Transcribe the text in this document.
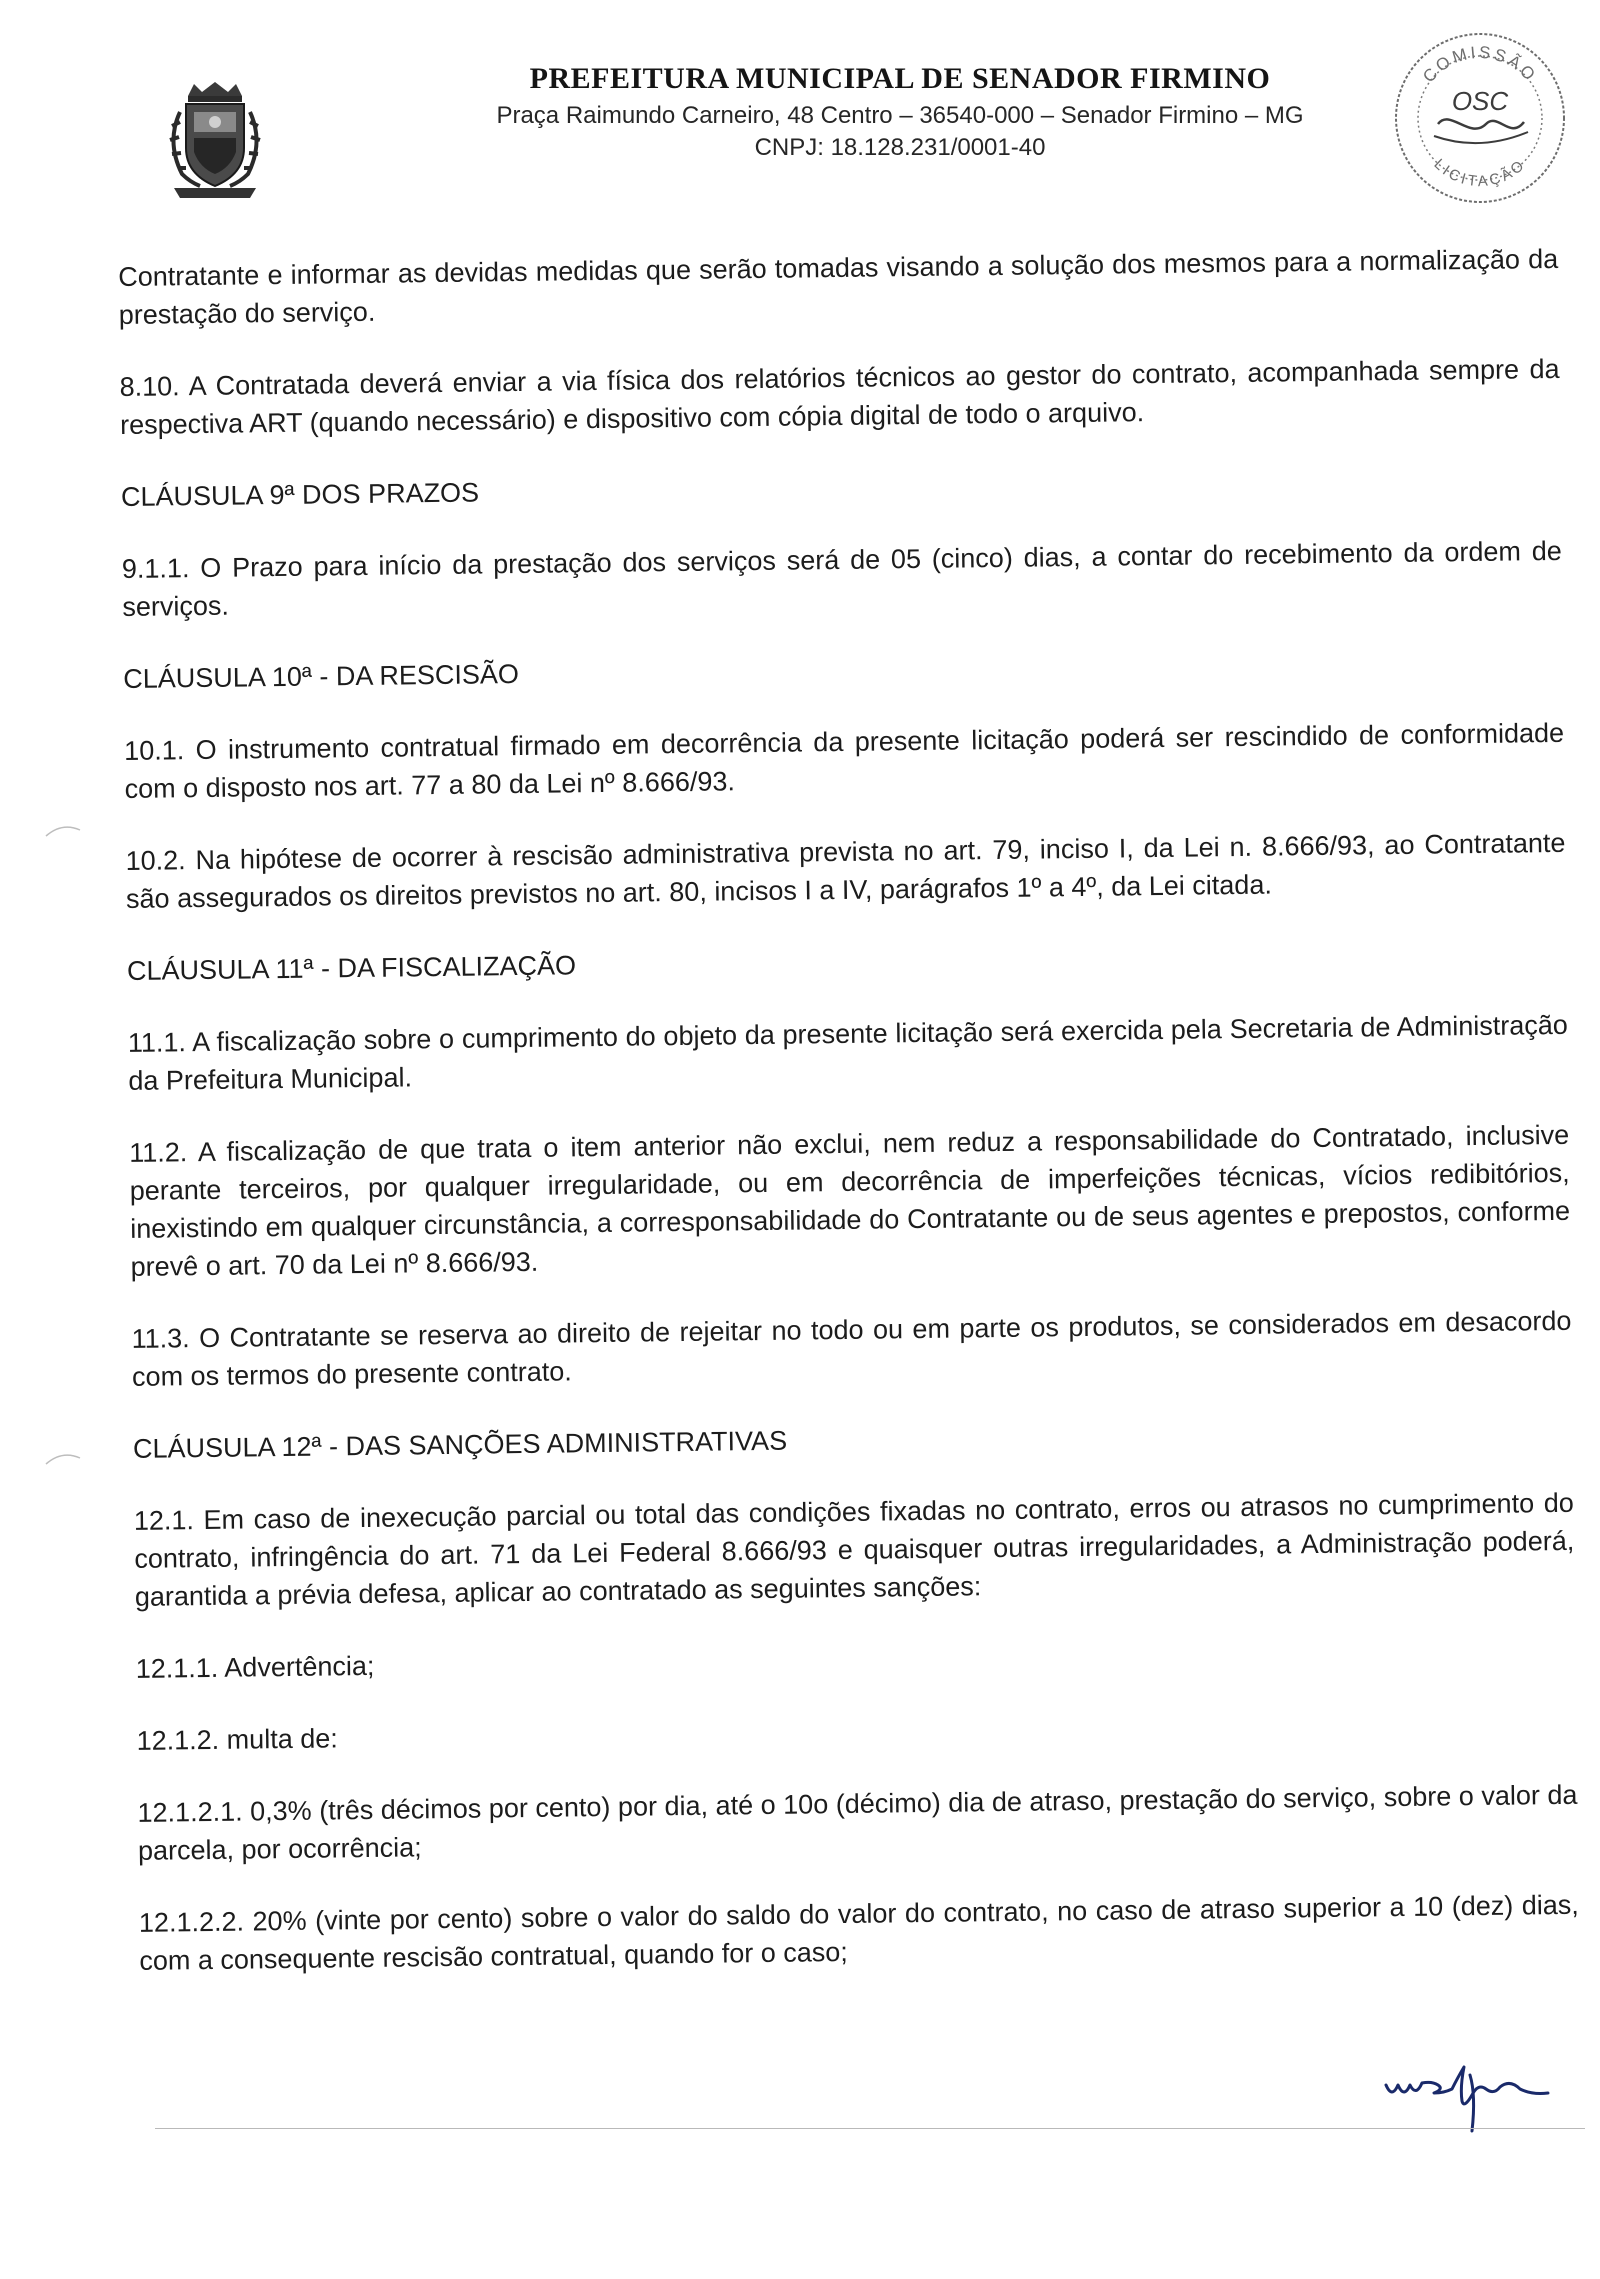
PREFEITURA MUNICIPAL DE SENADOR FIRMINO
Praça Raimundo Carneiro, 48 Centro – 36540-000 – Senador Firmino – MG
CNPJ: 18.128.231/0001-40
COMISSÃO
LICITAÇÃO
OSC

Contratante e informar as devidas medidas que serão tomadas visando a solução dos mesmos para a normalização da prestação do serviço.

8.10. A Contratada deverá enviar a via física dos relatórios técnicos ao gestor do contrato, acompanhada sempre da respectiva ART (quando necessário) e dispositivo com cópia digital de todo o arquivo.

CLÁUSULA 9ª DOS PRAZOS

9.1.1. O Prazo para início da prestação dos serviços será de 05 (cinco) dias, a contar do recebimento da ordem de serviços.

CLÁUSULA 10ª - DA RESCISÃO

10.1. O instrumento contratual firmado em decorrência da presente licitação poderá ser rescindido de conformidade com o disposto nos art. 77 a 80 da Lei nº 8.666/93.

10.2. Na hipótese de ocorrer à rescisão administrativa prevista no art. 79, inciso I, da Lei n. 8.666/93, ao Contratante são assegurados os direitos previstos no art. 80, incisos I a IV, parágrafos 1º a 4º, da Lei citada.

CLÁUSULA 11ª - DA FISCALIZAÇÃO

11.1. A fiscalização sobre o cumprimento do objeto da presente licitação será exercida pela Secretaria de Administração da Prefeitura Municipal.

11.2. A fiscalização de que trata o item anterior não exclui, nem reduz a responsabilidade do Contratado, inclusive perante terceiros, por qualquer irregularidade, ou em decorrência de imperfeições técnicas, vícios redibitórios, inexistindo em qualquer circunstância, a corresponsabilidade do Contratante ou de seus agentes e prepostos, conforme prevê o art. 70 da Lei nº 8.666/93.

11.3. O Contratante se reserva ao direito de rejeitar no todo ou em parte os produtos, se considerados em desacordo com os termos do presente contrato.

CLÁUSULA 12ª - DAS SANÇÕES ADMINISTRATIVAS

12.1. Em caso de inexecução parcial ou total das condições fixadas no contrato, erros ou atrasos no cumprimento do contrato, infringência do art. 71 da Lei Federal 8.666/93 e quaisquer outras irregularidades, a Administração poderá, garantida a prévia defesa, aplicar ao contratado as seguintes sanções:

12.1.1. Advertência;

12.1.2. multa de:

12.1.2.1. 0,3% (três décimos por cento) por dia, até o 10o (décimo) dia de atraso, prestação do serviço, sobre o valor da parcela, por ocorrência;

12.1.2.2. 20% (vinte por cento) sobre o valor do saldo do valor do contrato, no caso de atraso superior a 10 (dez) dias, com a consequente rescisão contratual, quando for o caso;
